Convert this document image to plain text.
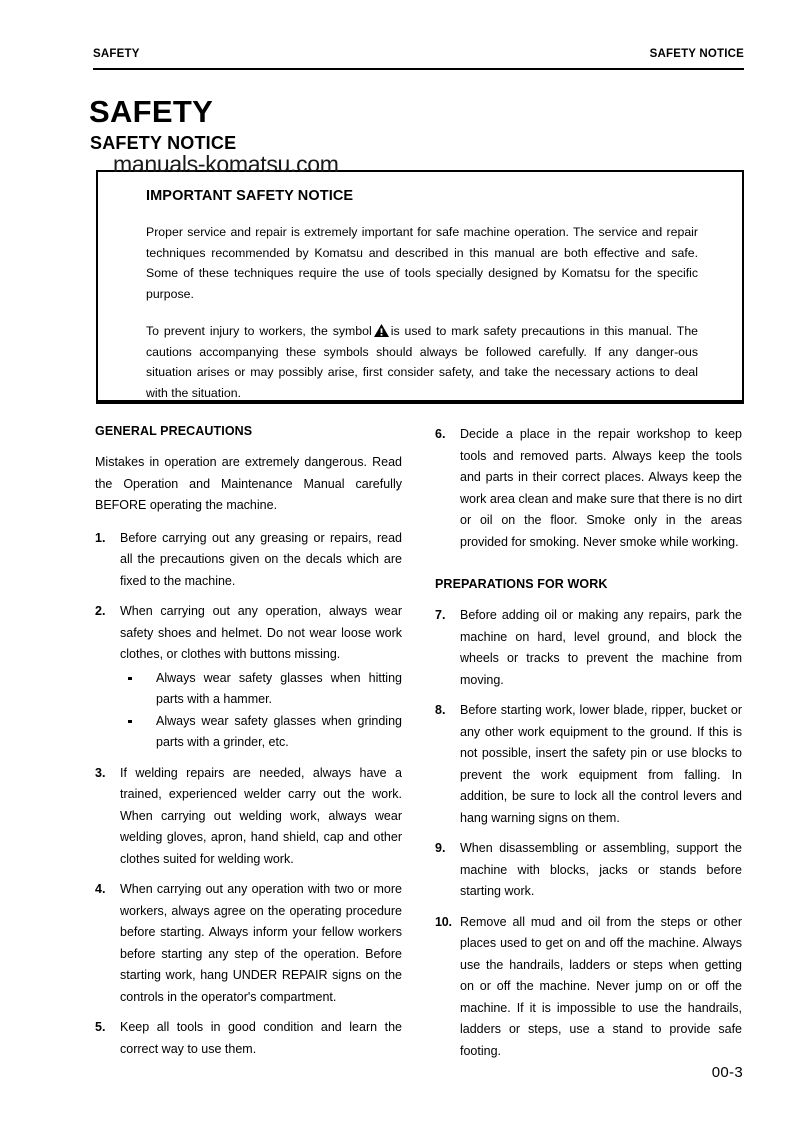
SAFETY	SAFETY NOTICE
SAFETY
SAFETY NOTICE
manuals-komatsu.com
IMPORTANT SAFETY NOTICE

Proper service and repair is extremely important for safe machine operation. The service and repair techniques recommended by Komatsu and described in this manual are both effective and safe. Some of these techniques require the use of tools specially designed by Komatsu for the specific purpose.

To prevent injury to workers, the symbol is used to mark safety precautions in this manual. The cautions accompanying these symbols should always be followed carefully. If any danger-ous situation arises or may possibly arise, first consider safety, and take the necessary actions to deal with the situation.

GENERAL PRECAUTIONS

Mistakes in operation are extremely dangerous. Read the Operation and Maintenance Manual carefully BEFORE operating the machine.

1. Before carrying out any greasing or repairs, read all the precautions given on the decals which are fixed to the machine.
2. When carrying out any operation, always wear safety shoes and helmet. Do not wear loose work clothes, or clothes with buttons missing.
Always wear safety glasses when hitting parts with a hammer.
Always wear safety glasses when grinding parts with a grinder, etc.
3. If welding repairs are needed, always have a trained, experienced welder carry out the work. When carrying out welding work, always wear welding gloves, apron, hand shield, cap and other clothes suited for welding work.
4. When carrying out any operation with two or more workers, always agree on the operating procedure before starting. Always inform your fellow workers before starting any step of the operation. Before starting work, hang UNDER REPAIR signs on the controls in the operator's compartment.
5. Keep all tools in good condition and learn the correct way to use them.
6. Decide a place in the repair workshop to keep tools and removed parts. Always keep the tools and parts in their correct places. Always keep the work area clean and make sure that there is no dirt or oil on the floor. Smoke only in the areas provided for smoking. Never smoke while working.
PREPARATIONS FOR WORK
7. Before adding oil or making any repairs, park the machine on hard, level ground, and block the wheels or tracks to prevent the machine from moving.
8. Before starting work, lower blade, ripper, bucket or any other work equipment to the ground. If this is not possible, insert the safety pin or use blocks to prevent the work equipment from falling. In addition, be sure to lock all the control levers and hang warning signs on them.
9. When disassembling or assembling, support the machine with blocks, jacks or stands before starting work.
10. Remove all mud and oil from the steps or other places used to get on and off the machine. Always use the handrails, ladders or steps when getting on or off the machine. Never jump on or off the machine. If it is impossible to use the handrails, ladders or steps, use a stand to provide safe footing.
00-3
